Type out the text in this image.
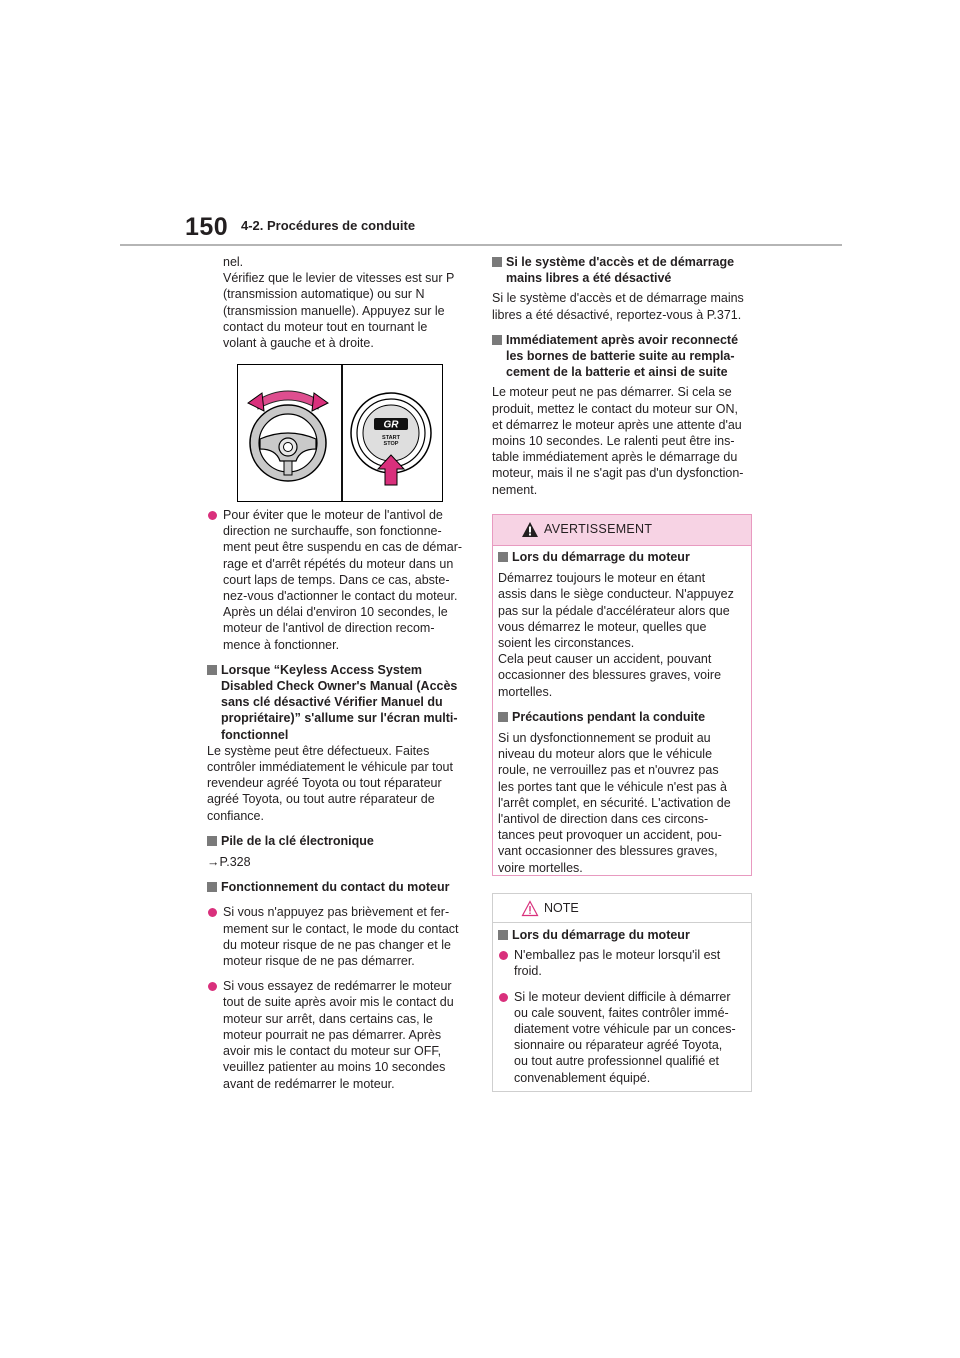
150 4-2. Procédures de conduite

nel.
Vérifiez que le levier de vitesses est sur P
(transmission automatique) ou sur N
(transmission manuelle). Appuyez sur le
contact du moteur tout en tournant le
volant à gauche et à droite.

GR
START
STOP

Pour éviter que le moteur de l'antivol de
direction ne surchauffe, son fonctionne-
ment peut être suspendu en cas de démar-
rage et d'arrêt répétés du moteur dans un
court laps de temps. Dans ce cas, abste-
nez-vous d'actionner le contact du moteur.
Après un délai d'environ 10 secondes, le
moteur de l'antivol de direction recom-
mence à fonctionner.

Lorsque “Keyless Access System
Disabled Check Owner's Manual (Accès
sans clé désactivé Vérifier Manuel du
propriétaire)” s'allume sur l'écran multi-
fonctionnel

Le système peut être défectueux. Faites
contrôler immédiatement le véhicule par tout
revendeur agréé Toyota ou tout réparateur
agréé Toyota, ou tout autre réparateur de
confiance.

Pile de la clé électronique

→P.328

Fonctionnement du contact du moteur

Si vous n'appuyez pas brièvement et fer-
mement sur le contact, le mode du contact
du moteur risque de ne pas changer et le
moteur risque de ne pas démarrer.

Si vous essayez de redémarrer le moteur
tout de suite après avoir mis le contact du
moteur sur arrêt, dans certains cas, le
moteur pourrait ne pas démarrer. Après
avoir mis le contact du moteur sur OFF,
veuillez patienter au moins 10 secondes
avant de redémarrer le moteur.

Si le système d'accès et de démarrage
mains libres a été désactivé

Si le système d'accès et de démarrage mains
libres a été désactivé, reportez-vous à P.371.

Immédiatement après avoir reconnecté
les bornes de batterie suite au rempla-
cement de la batterie et ainsi de suite

Le moteur peut ne pas démarrer. Si cela se
produit, mettez le contact du moteur sur ON,
et démarrez le moteur après une attente d'au
moins 10 secondes. Le ralenti peut être ins-
table immédiatement après le démarrage du
moteur, mais il ne s'agit pas d'un dysfonction-
nement.

AVERTISSEMENT

Lors du démarrage du moteur

Démarrez toujours le moteur en étant
assis dans le siège conducteur. N'appuyez
pas sur la pédale d'accélérateur alors que
vous démarrez le moteur, quelles que
soient les circonstances.
Cela peut causer un accident, pouvant
occasionner des blessures graves, voire
mortelles.

Précautions pendant la conduite

Si un dysfonctionnement se produit au
niveau du moteur alors que le véhicule
roule, ne verrouillez pas et n'ouvrez pas
les portes tant que le véhicule n'est pas à
l'arrêt complet, en sécurité. L'activation de
l'antivol de direction dans ces circons-
tances peut provoquer un accident, pou-
vant occasionner des blessures graves,
voire mortelles.

NOTE

Lors du démarrage du moteur

N'emballez pas le moteur lorsqu'il est
froid.

Si le moteur devient difficile à démarrer
ou cale souvent, faites contrôler immé-
diatement votre véhicule par un conces-
sionnaire ou réparateur agréé Toyota,
ou tout autre professionnel qualifié et
convenablement équipé.
